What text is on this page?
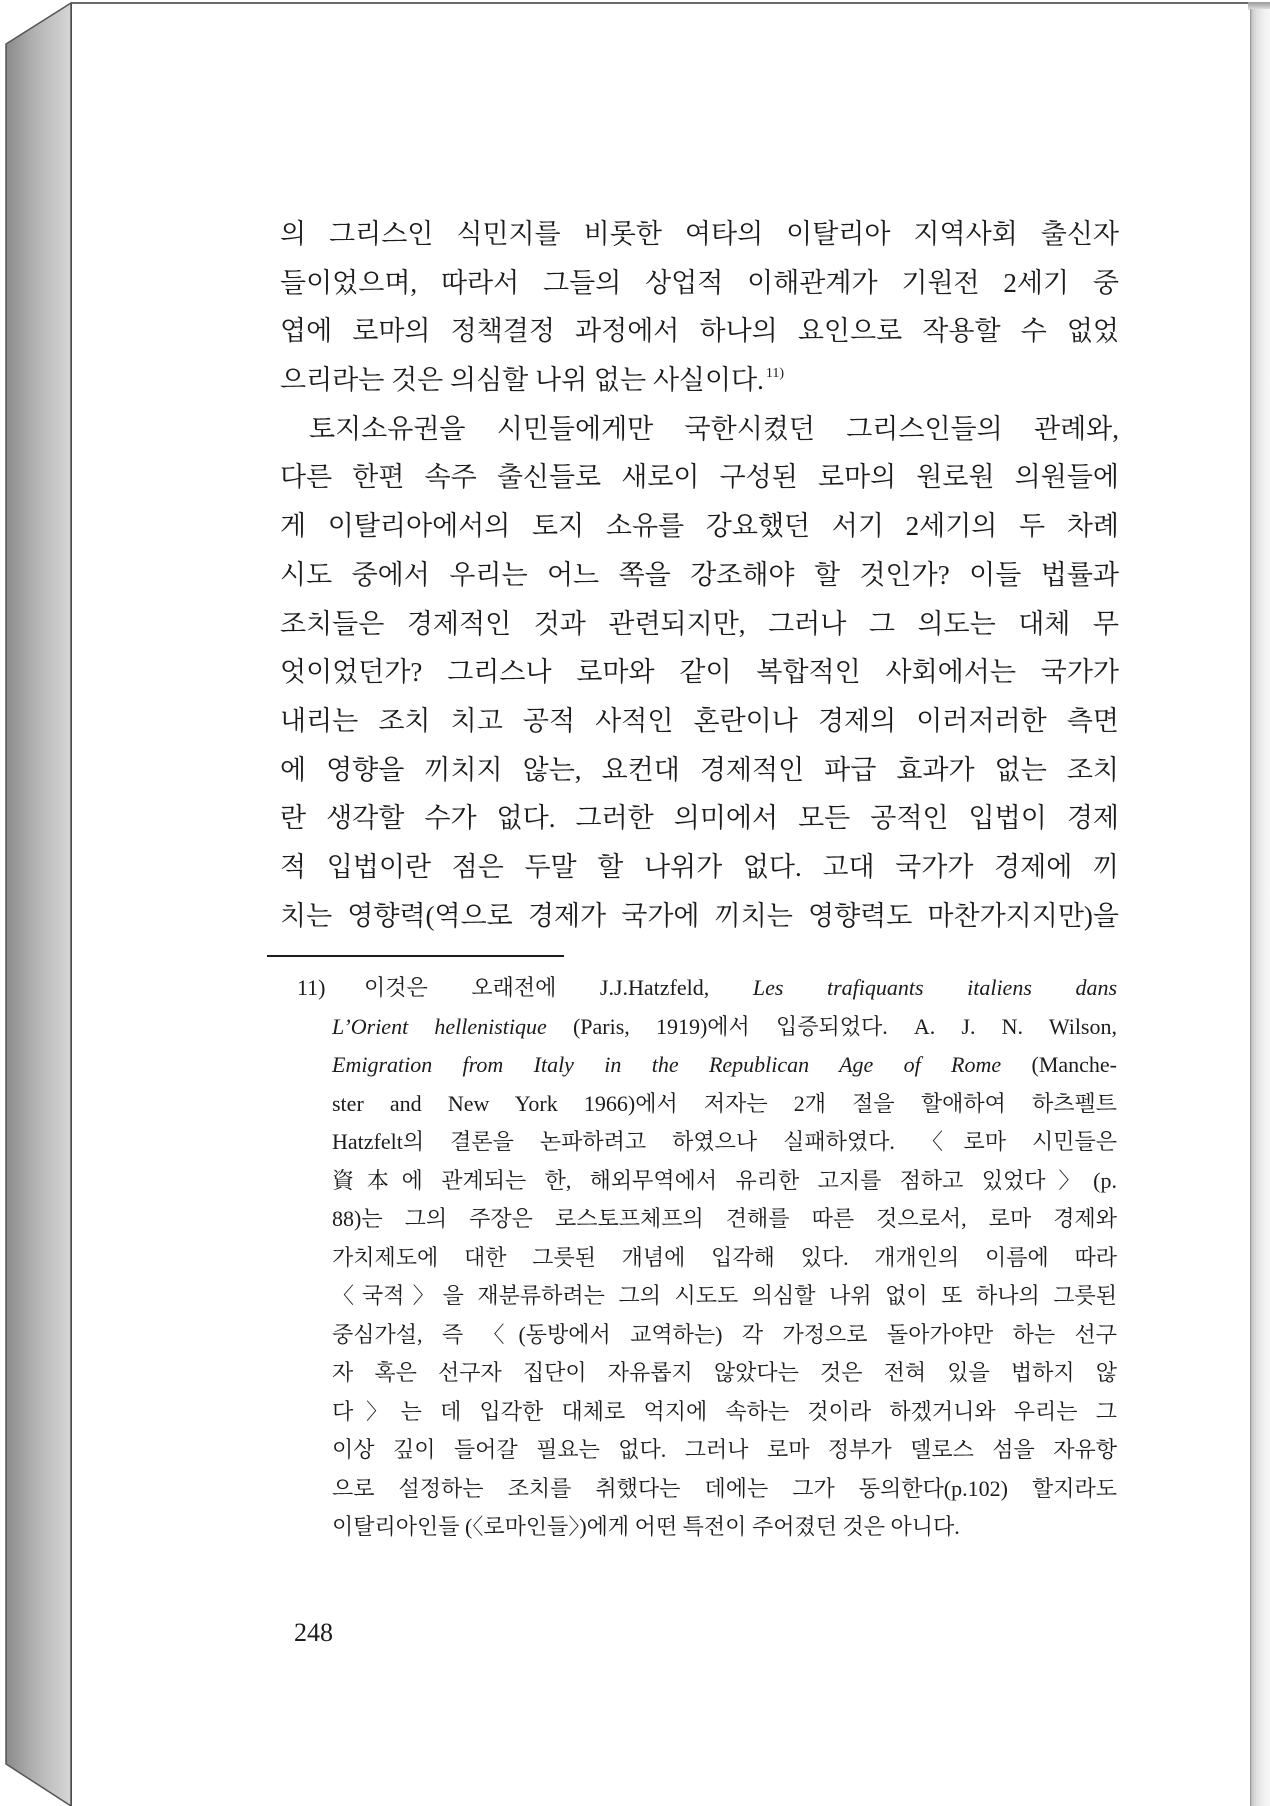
의 그리스인 식민지를 비롯한 여타의 이탈리아 지역사회 출신자
들이었으며, 따라서 그들의 상업적 이해관계가 기원전 2세기 중
엽에 로마의 정책결정 과정에서 하나의 요인으로 작용할 수 없었
으리라는 것은 의심할 나위 없는 사실이다. $^{11)}$
토지소유권을 시민들에게만 국한시켰던 그리스인들의 관례와,
다른 한편 속주 출신들로 새로이 구성된 로마의 원로원 의원들에
게 이탈리아에서의 토지 소유를 강요했던 서기 2세기의 두 차례
시도 중에서 우리는 어느 쪽을 강조해야 할 것인가? 이들 법률과
조치들은 경제적인 것과 관련되지만, 그러나 그 의도는 대체 무
엇이었던가? 그리스나 로마와 같이 복합적인 사회에서는 국가가
내리는 조치 치고 공적 사적인 혼란이나 경제의 이러저러한 측면
에 영향을 끼치지 않는, 요컨대 경제적인 파급 효과가 없는 조치
란 생각할 수가 없다. 그러한 의미에서 모든 공적인 입법이 경제
적 입법이란 점은 두말 할 나위가 없다. 고대 국가가 경제에 끼
치는 영향력(역으로 경제가 국가에 끼치는 영향력도 마찬가지지만)을
11) 이것은 오래전에 J.J.Hatzfeld, Les trafiquants italiens dans
L’Orient hellenistique (Paris, 1919)에서 입증되었다. A. J. N. Wilson,
Emigration from Italy in the Republican Age of Rome (Manche-
ster and New York 1966)에서 저자는 2개 절을 할애하여 하츠펠트
Hatzfelt의 결론을 논파하려고 하였으나 실패하였다. 〈로마 시민들은
資本에 관계되는 한, 해외무역에서 유리한 고지를 점하고 있었다〉(p.
88)는 그의 주장은 로스토프체프의 견해를 따른 것으로서, 로마 경제와
가치제도에 대한 그릇된 개념에 입각해 있다. 개개인의 이름에 따라
〈국적〉을 재분류하려는 그의 시도도 의심할 나위 없이 또 하나의 그릇된
중심가설, 즉 〈(동방에서 교역하는) 각 가정으로 돌아가야만 하는 선구
자 혹은 선구자 집단이 자유롭지 않았다는 것은 전혀 있을 법하지 않
다〉는 데 입각한 대체로 억지에 속하는 것이라 하겠거니와 우리는 그
이상 깊이 들어갈 필요는 없다. 그러나 로마 정부가 델로스 섬을 자유항
으로 설정하는 조치를 취했다는 데에는 그가 동의한다(p.102) 할지라도
이탈리아인들 (〈로마인들〉)에게 어떤 특전이 주어졌던 것은 아니다.
248
